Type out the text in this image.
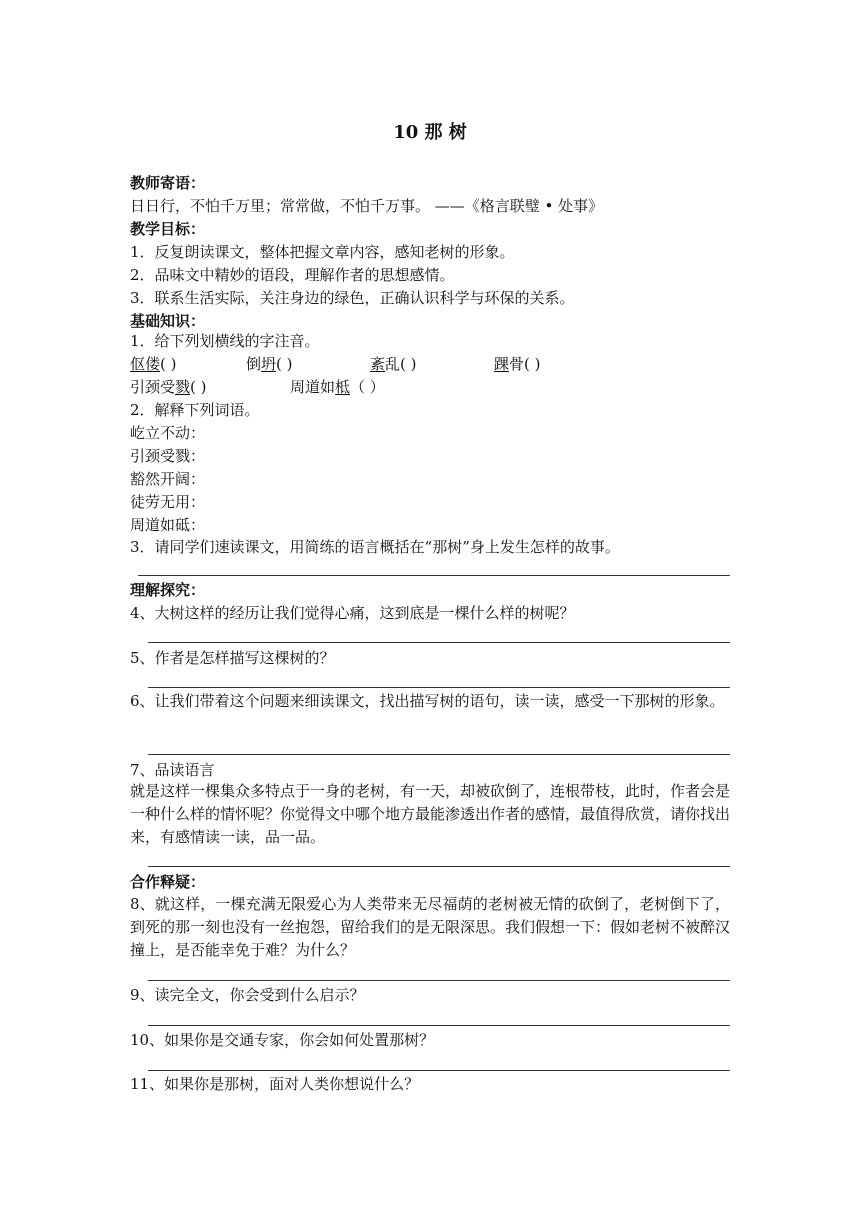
10 那 树
教师寄语：
日日行，不怕千万里；常常做，不怕千万事。 ——《格言联璧 • 处事》
教学目标：
1．反复朗读课文，整体把握文章内容，感知老树的形象。
2．品味文中精妙的语段，理解作者的思想感情。
3．联系生活实际，关注身边的绿色，正确认识科学与环保的关系。
基础知识：
1．给下列划横线的字注音。
伛偻( )	倒坍( )	紊乱( )	踝骨( )
引颈受戮( )	周道如柢（ ）
2．解释下列词语。
屹立不动：
引颈受戮：
豁然开阔：
徒劳无用：
周道如砥：
3．请同学们速读课文，用简练的语言概括在“那树”身上发生怎样的故事。
理解探究：
4、大树这样的经历让我们觉得心痛，这到底是一棵什么样的树呢？
5、作者是怎样描写这棵树的？
6、让我们带着这个问题来细读课文，找出描写树的语句，读一读，感受一下那树的形象。
7、品读语言
就是这样一棵集众多特点于一身的老树，有一天，却被砍倒了，连根带枝，此时，作者会是一种什么样的情怀呢？你觉得文中哪个地方最能渗透出作者的感情，最值得欣赏，请你找出来，有感情读一读，品一品。
合作释疑：
8、就这样，一棵充满无限爱心为人类带来无尽福荫的老树被无情的砍倒了，老树倒下了，到死的那一刻也没有一丝抱怨，留给我们的是无限深思。我们假想一下：假如老树不被醉汉撞上，是否能幸免于难？为什么？
9、读完全文，你会受到什么启示？
10、如果你是交通专家，你会如何处置那树？
11、如果你是那树，面对人类你想说什么？
